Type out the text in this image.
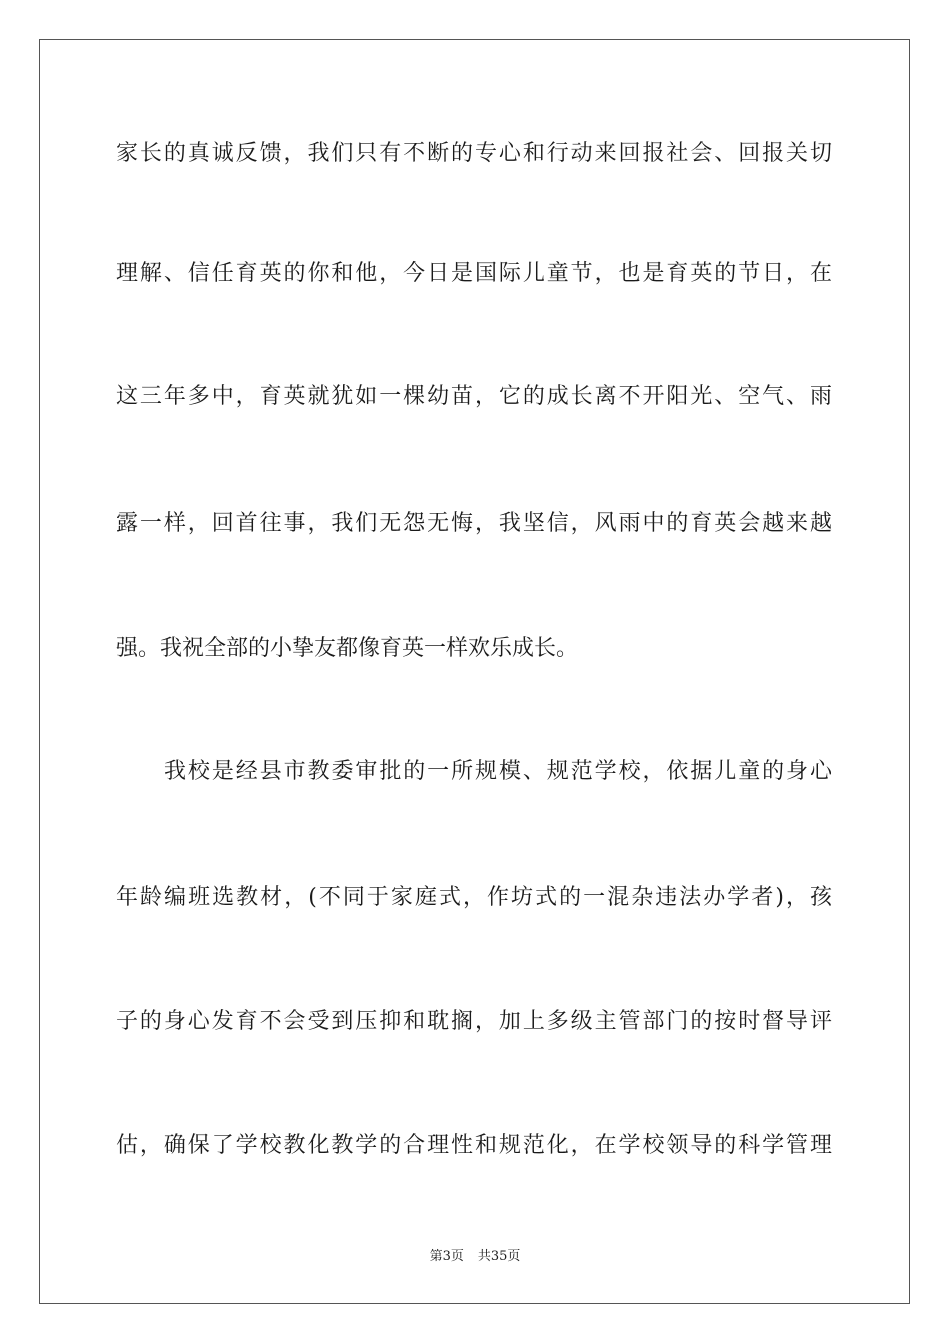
家长的真诚反馈，我们只有不断的专心和行动来回报社会、回报关切
理解、信任育英的你和他，今日是国际儿童节，也是育英的节日，在
这三年多中，育英就犹如一棵幼苗，它的成长离不开阳光、空气、雨
露一样，回首往事，我们无怨无悔，我坚信，风雨中的育英会越来越
强。我祝全部的小挚友都像育英一样欢乐成长。
我校是经县市教委审批的一所规模、规范学校，依据儿童的身心
年龄编班选教材，(不同于家庭式，作坊式的一混杂违法办学者)，孩
子的身心发育不会受到压抑和耽搁，加上多级主管部门的按时督导评
估，确保了学校教化教学的合理性和规范化，在学校领导的科学管理
第3页 共35页
